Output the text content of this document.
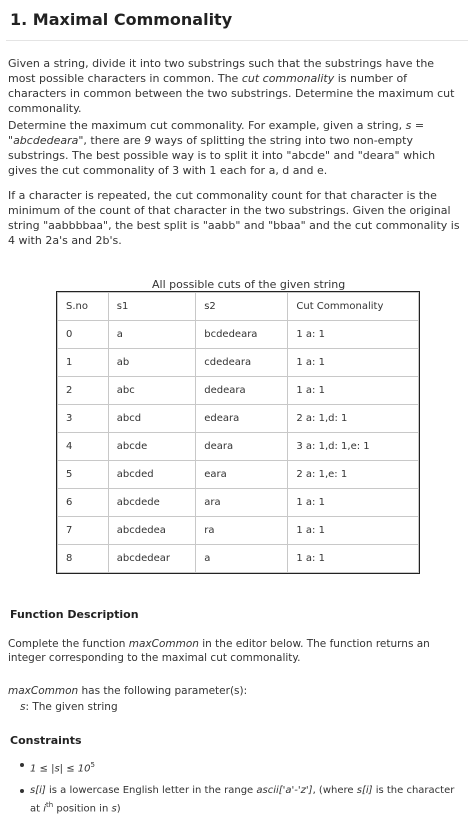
1. Maximal Commonality
Given a string, divide it into two substrings such that the substrings have the most possible characters in common. The cut commonality is number of characters in common between the two substrings. Determine the maximum cut commonality.
Determine the maximum cut commonality. For example, given a string, s = "abcdedeara", there are 9 ways of splitting the string into two non-empty substrings. The best possible way is to split it into "abcde" and "deara" which gives the cut commonality of 3 with 1 each for a, d and e.
If a character is repeated, the cut commonality count for that character is the minimum of the count of that character in the two substrings. Given the original string "aabbbbaa", the best split is "aabb" and "bbaa" and the cut commonality is 4 with 2a's and 2b's.
All possible cuts of the given string
S.no	s1	s2	Cut Commonality
0	a	bcdedeara	1 a: 1
1	ab	cdedeara	1 a: 1
2	abc	dedeara	1 a: 1
3	abcd	edeara	2 a: 1,d: 1
4	abcde	deara	3 a: 1,d: 1,e: 1
5	abcded	eara	2 a: 1,e: 1
6	abcdede	ara	1 a: 1
7	abcdedea	ra	1 a: 1
8	abcdedear	a	1 a: 1
Function Description
Complete the function maxCommon in the editor below. The function returns an integer corresponding to the maximal cut commonality.
maxCommon has the following parameter(s):
s: The given string
Constraints
$1 \le |s| \le 10^5$
s[i] is a lowercase English letter in the range ascii['a'-'z'], (where s[i] is the character at $i^{th}$ position in s)
